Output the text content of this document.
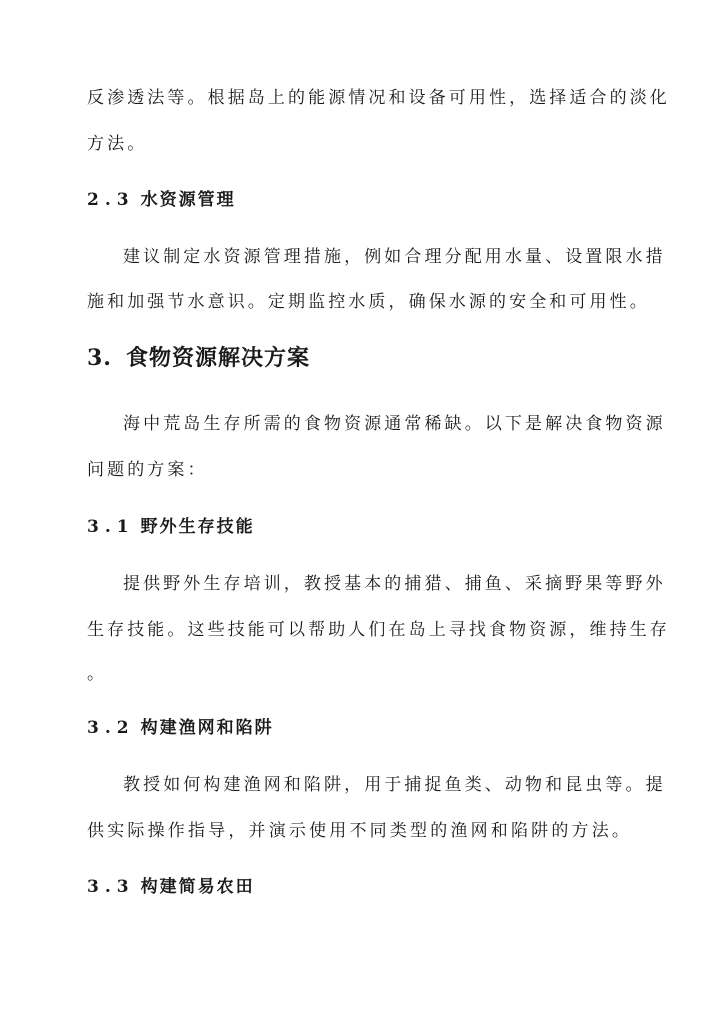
反渗透法等。根据岛上的能源情况和设备可用性，选择适合的淡化
方法。
2.3 水资源管理
建议制定水资源管理措施，例如合理分配用水量、设置限水措
施和加强节水意识。定期监控水质，确保水源的安全和可用性。
3. 食物资源解决方案
海中荒岛生存所需的食物资源通常稀缺。以下是解决食物资源
问题的方案：
3.1 野外生存技能
提供野外生存培训，教授基本的捕猎、捕鱼、采摘野果等野外
生存技能。这些技能可以帮助人们在岛上寻找食物资源，维持生存
。
3.2 构建渔网和陷阱
教授如何构建渔网和陷阱，用于捕捉鱼类、动物和昆虫等。提
供实际操作指导，并演示使用不同类型的渔网和陷阱的方法。
3.3 构建简易农田
